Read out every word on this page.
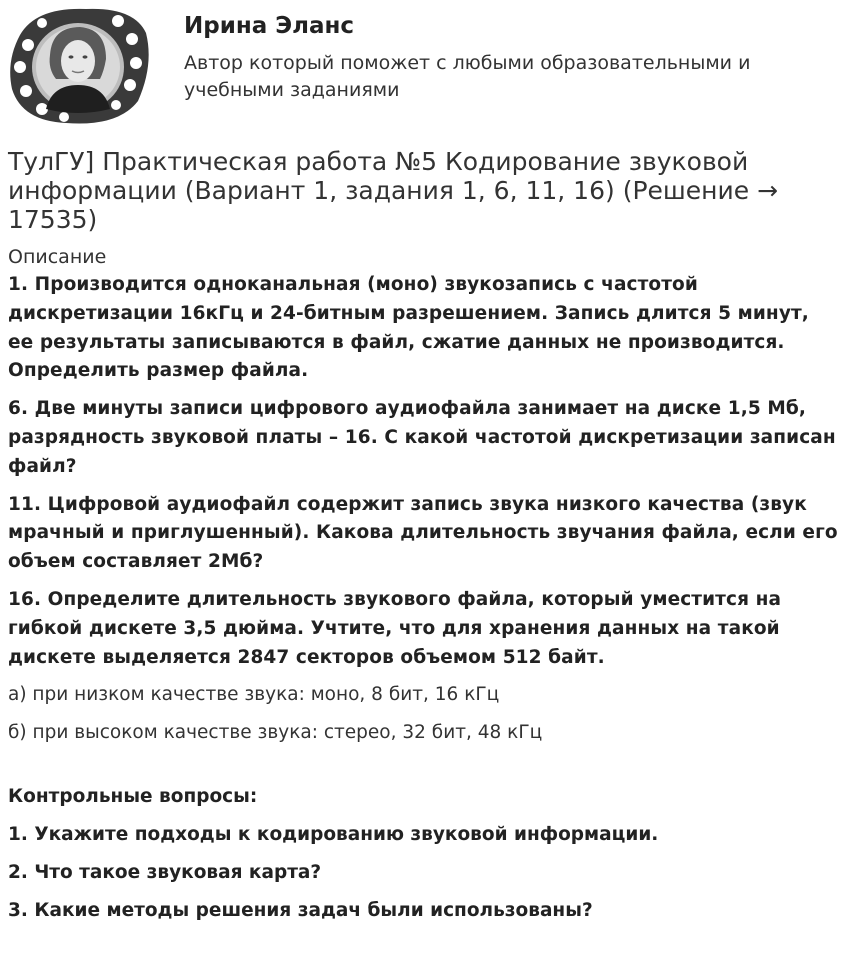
Ирина Эланс

Автор который поможет с любыми образовательными и учебными заданиями

ТулГУ] Практическая работа №5 Кодирование звуковой информации (Вариант 1, задания 1, 6, 11, 16) (Решение → 17535)
Описание

1. Производится одноканальная (моно) звукозапись с частотой дискретизации 16кГц и 24-битным разрешением. Запись длится 5 минут, ее результаты записываются в файл, сжатие данных не производится. Определить размер файла.

6. Две минуты записи цифрового аудиофайла занимает на диске 1,5 Мб, разрядность звуковой платы – 16. С какой частотой дискретизации записан файл?

11. Цифровой аудиофайл содержит запись звука низкого качества (звук мрачный и приглушенный). Какова длительность звучания файла, если его объем составляет 2Мб?

16. Определите длительность звукового файла, который уместится на гибкой дискете 3,5 дюйма. Учтите, что для хранения данных на такой дискете выделяется 2847 секторов объемом 512 байт.

а) при низком качестве звука: моно, 8 бит, 16 кГц

б) при высоком качестве звука: стерео, 32 бит, 48 кГц

Контрольные вопросы:

1. Укажите подходы к кодированию звуковой информации.

2. Что такое звуковая карта?

3. Какие методы решения задач были использованы?
